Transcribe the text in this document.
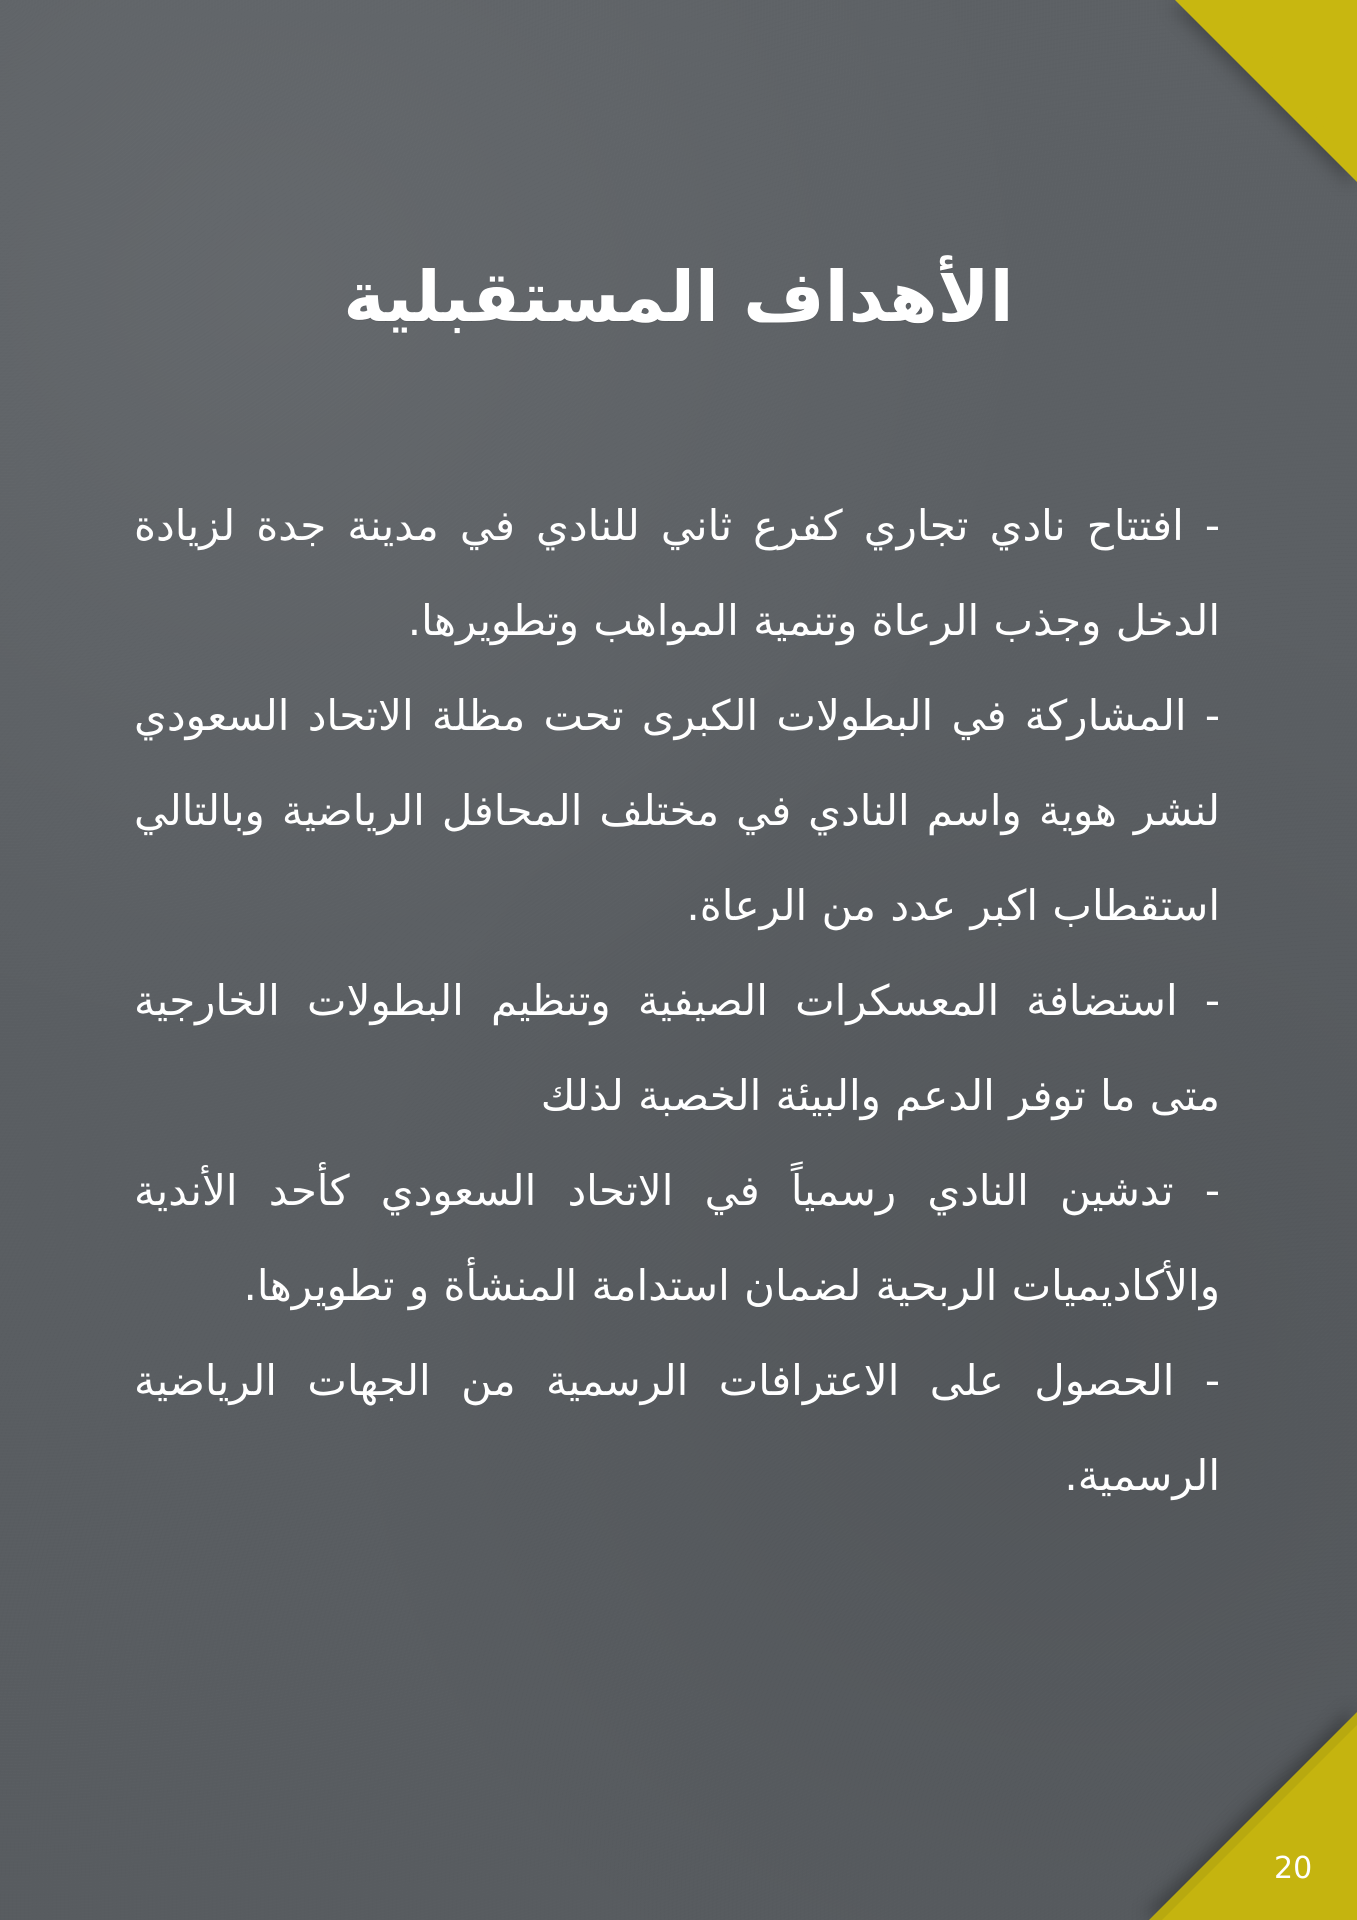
الأهداف المستقبلية

- افتتاح نادي تجاري كفرع ثاني للنادي في مدينة جدة لزيادة الدخل وجذب الرعاة وتنمية المواهب وتطويرها.

- المشاركة في البطولات الكبرى تحت مظلة الاتحاد السعودي لنشر هوية واسم النادي في مختلف المحافل الرياضية وبالتالي استقطاب اكبر عدد من الرعاة.

- استضافة المعسكرات الصيفية وتنظيم البطولات الخارجية متى ما توفر الدعم والبيئة الخصبة لذلك

- تدشين النادي رسمياً في الاتحاد السعودي كأحد الأندية والأكاديميات الربحية لضمان استدامة المنشأة و تطويرها.

- الحصول على الاعترافات الرسمية من الجهات الرياضية الرسمية.

20
